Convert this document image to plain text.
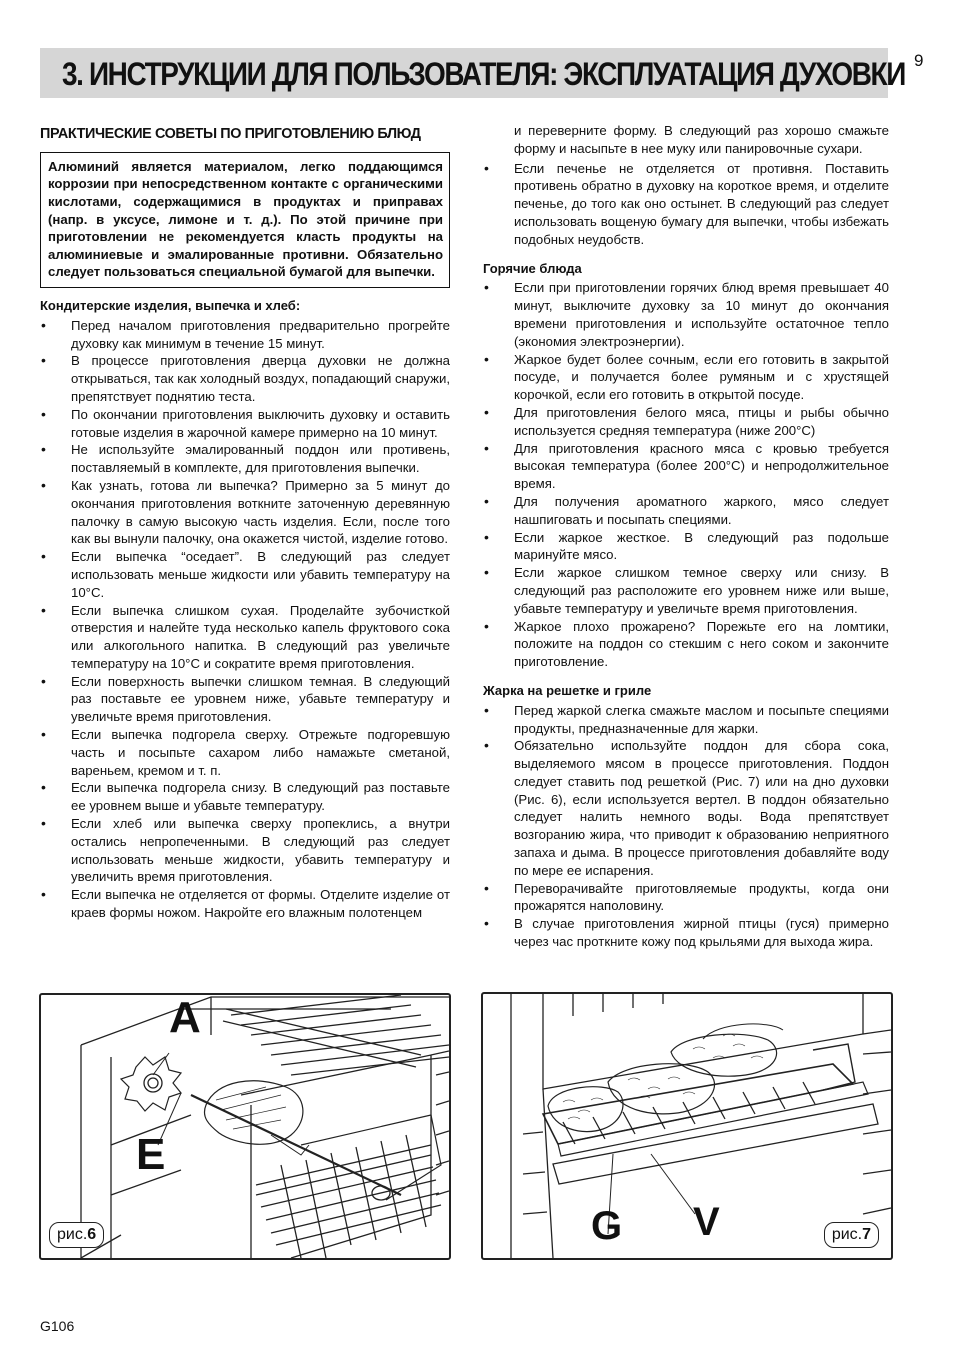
3. ИНСТРУКЦИИ ДЛЯ ПОЛЬЗОВАТЕЛЯ: ЭКСПЛУАТАЦИЯ ДУХОВКИ 9
ПРАКТИЧЕСКИЕ СОВЕТЫ ПО ПРИГОТОВЛЕНИЮ БЛЮД
Алюминий является материалом, легко поддающимся коррозии при непосредственном контакте с органическими кислотами, содержащимися в продуктах и приправах (напр. в уксусе, лимоне и т. д.). По этой причине при приготовлении не рекомендуется класть продукты на алюминиевые и эмалированные противни. Обязательно следует пользоваться специальной бумагой для выпечки.
Кондитерские изделия, выпечка и хлеб:
• Перед началом приготовления предварительно прогрейте духовку как минимум в течение 15 минут.
• В процессе приготовления дверца духовки не должна открываться, так как холодный воздух, попадающий снаружи, препятствует поднятию теста.
• По окончании приготовления выключить духовку и оставить готовые изделия в жарочной камере примерно на 10 минут.
• Не используйте эмалированный поддон или противень, поставляемый в комплекте, для приготовления выпечки.
• Как узнать, готова ли выпечка? Примерно за 5 минут до окончания приготовления воткните заточенную деревянную палочку в самую высокую часть изделия. Если, после того как вы вынули палочку, она окажется чистой, изделие готово.
• Если выпечка “оседает”. В следующий раз следует использовать меньше жидкости или убавить температуру на 10°C.
• Если выпечка слишком сухая. Проделайте зубочисткой отверстия и налейте туда несколько капель фруктового сока или алкогольного напитка. В следующий раз увеличьте температуру на 10°C и сократите время приготовления.
• Если поверхность выпечки слишком темная. В следующий раз поставьте ее уровнем ниже, убавьте температуру и увеличьте время приготовления.
• Если выпечка подгорела сверху. Отрежьте подгоревшую часть и посыпьте сахаром либо намажьте сметаной, вареньем, кремом и т. п.
• Если выпечка подгорела снизу. В следующий раз поставьте ее уровнем выше и убавьте температуру.
• Если хлеб или выпечка сверху пропеклись, а внутри остались непропеченными. В следующий раз следует использовать меньше жидкости, убавить температуру и увеличить время приготовления.
• Если выпечка не отделяется от формы. Отделите изделие от краев формы ножом. Накройте его влажным полотенцем
и переверните форму. В следующий раз хорошо смажьте форму и насыпьте в нее муку или панировочные сухари.
• Если печенье не отделяется от противня. Поставить противень обратно в духовку на короткое время, и отделите печенье, до того как оно остынет. В следующий раз следует использовать вощеную бумагу для выпечки, чтобы избежать подобных неудобств.
Горячие блюда
• Если при приготовлении горячих блюд время превышает 40 минут, выключите духовку за 10 минут до окончания времени приготовления и используйте остаточное тепло (экономия электроэнергии).
• Жаркое будет более сочным, если его готовить в закрытой посуде, и получается более румяным и с хрустящей корочкой, если его готовить в открытой посуде.
• Для приготовления белого мяса, птицы и рыбы обычно используется средняя температура (ниже 200°C)
• Для приготовления красного мяса с кровью требуется высокая температура (более 200°C) и непродолжительное время.
• Для получения ароматного жаркого, мясо следует нашпиговать и посыпать специями.
• Если жаркое жесткое. В следующий раз подольше маринуйте мясо.
• Если жаркое слишком темное сверху или снизу. В следующий раз расположите его уровнем ниже или выше, убавьте температуру и увеличьте время приготовления.
• Жаркое плохо прожарено? Порежьте его на ломтики, положите на поддон со стекшим с него соком и закончите приготовление.
Жарка на решетке и гриле
• Перед жаркой слегка смажьте маслом и посыпьте специями продукты, предназначенные для жарки.
• Обязательно используйте поддон для сбора сока, выделяемого мясом в процессе приготовления. Поддон следует ставить под решеткой (Рис. 7) или на дно духовки (Рис. 6), если используется вертел. В поддон обязательно следует налить немного воды. Вода препятствует возгоранию жира, что приводит к образованию неприятного запаха и дыма. В процессе приготовления добавляйте воду по мере ее испарения.
• Переворачивайте приготовляемые продукты, когда они прожарятся наполовину.
• В случае приготовления жирной птицы (гуся) примерно через час проткните кожу под крыльями для выхода жира.
A
E
рис.6	G V	рис.7
G106
